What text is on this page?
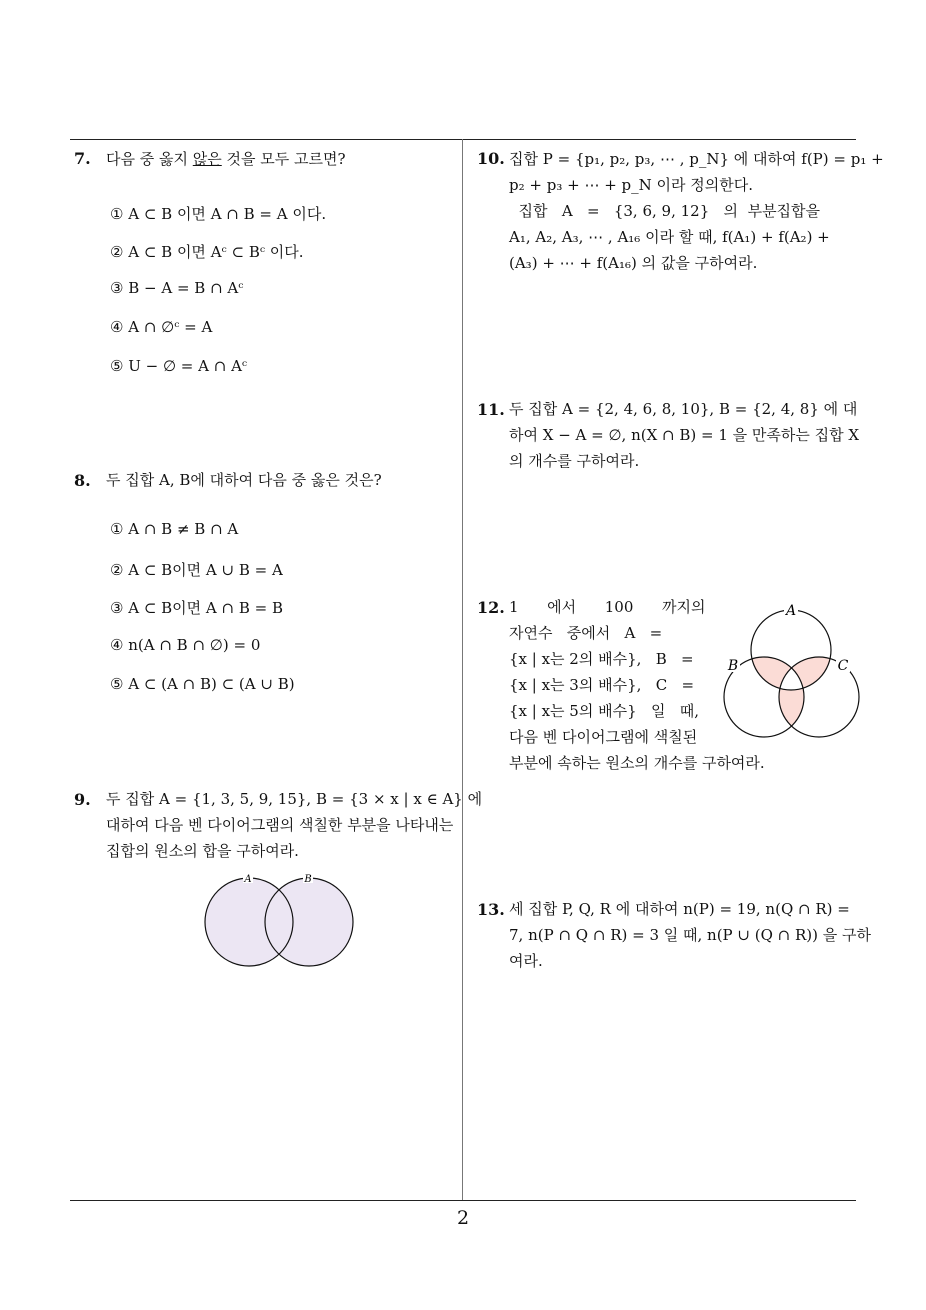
2
7. 다음 중 옳지 않은 것을 모두 고르면?
① A ⊂ B 이면 A ∩ B = A 이다.
② A ⊂ B 이면 Aᶜ ⊂ Bᶜ 이다.
③ B − A = B ∩ Aᶜ
④ A ∩ ∅ᶜ = A
⑤ U − ∅ = A ∩ Aᶜ
8. 두 집합 A, B에 대하여 다음 중 옳은 것은?
① A ∩ B ≠ B ∩ A
② A ⊂ B이면 A ∪ B = A
③ A ⊂ B이면 A ∩ B = B
④ n(A ∩ B ∩ ∅) = 0
⑤ A ⊂ (A ∩ B) ⊂ (A ∪ B)
9. 두 집합 A = {1, 3, 5, 9, 15}, B = {3 × x | x ∈ A} 에
대하여 다음 벤 다이어그램의 색칠한 부분을 나타내는
집합의 원소의 합을 구하여라.
A	B
10. 집합 P = {p₁, p₂, p₃, ⋯ , p_N} 에 대하여 f(P) = p₁ +
p₂ + p₃ + ⋯ + p_N 이라 정의한다.
집합   A   =   {3, 6, 9, 12}   의  부분집합을
A₁, A₂, A₃, ⋯ , A₁₆ 이라 할 때, f(A₁) + f(A₂) +
(A₃) + ⋯ + f(A₁₆) 의 값을 구하여라.
11. 두 집합 A = {2, 4, 6, 8, 10}, B = {2, 4, 8} 에 대
하여 X − A = ∅, n(X ∩ B) = 1 을 만족하는 집합 X
의 개수를 구하여라.
12. 1      에서      100      까지의
자연수   중에서   A   =
{x | x는 2의 배수},   B   =
{x | x는 3의 배수},   C   =
{x | x는 5의 배수}   일   때,
다음 벤 다이어그램에 색칠된
부분에 속하는 원소의 개수를 구하여라.
A
B	C
13. 세 집합 P, Q, R 에 대하여 n(P) = 19, n(Q ∩ R) =
7, n(P ∩ Q ∩ R) = 3 일 때, n(P ∪ (Q ∩ R)) 을 구하
여라.
